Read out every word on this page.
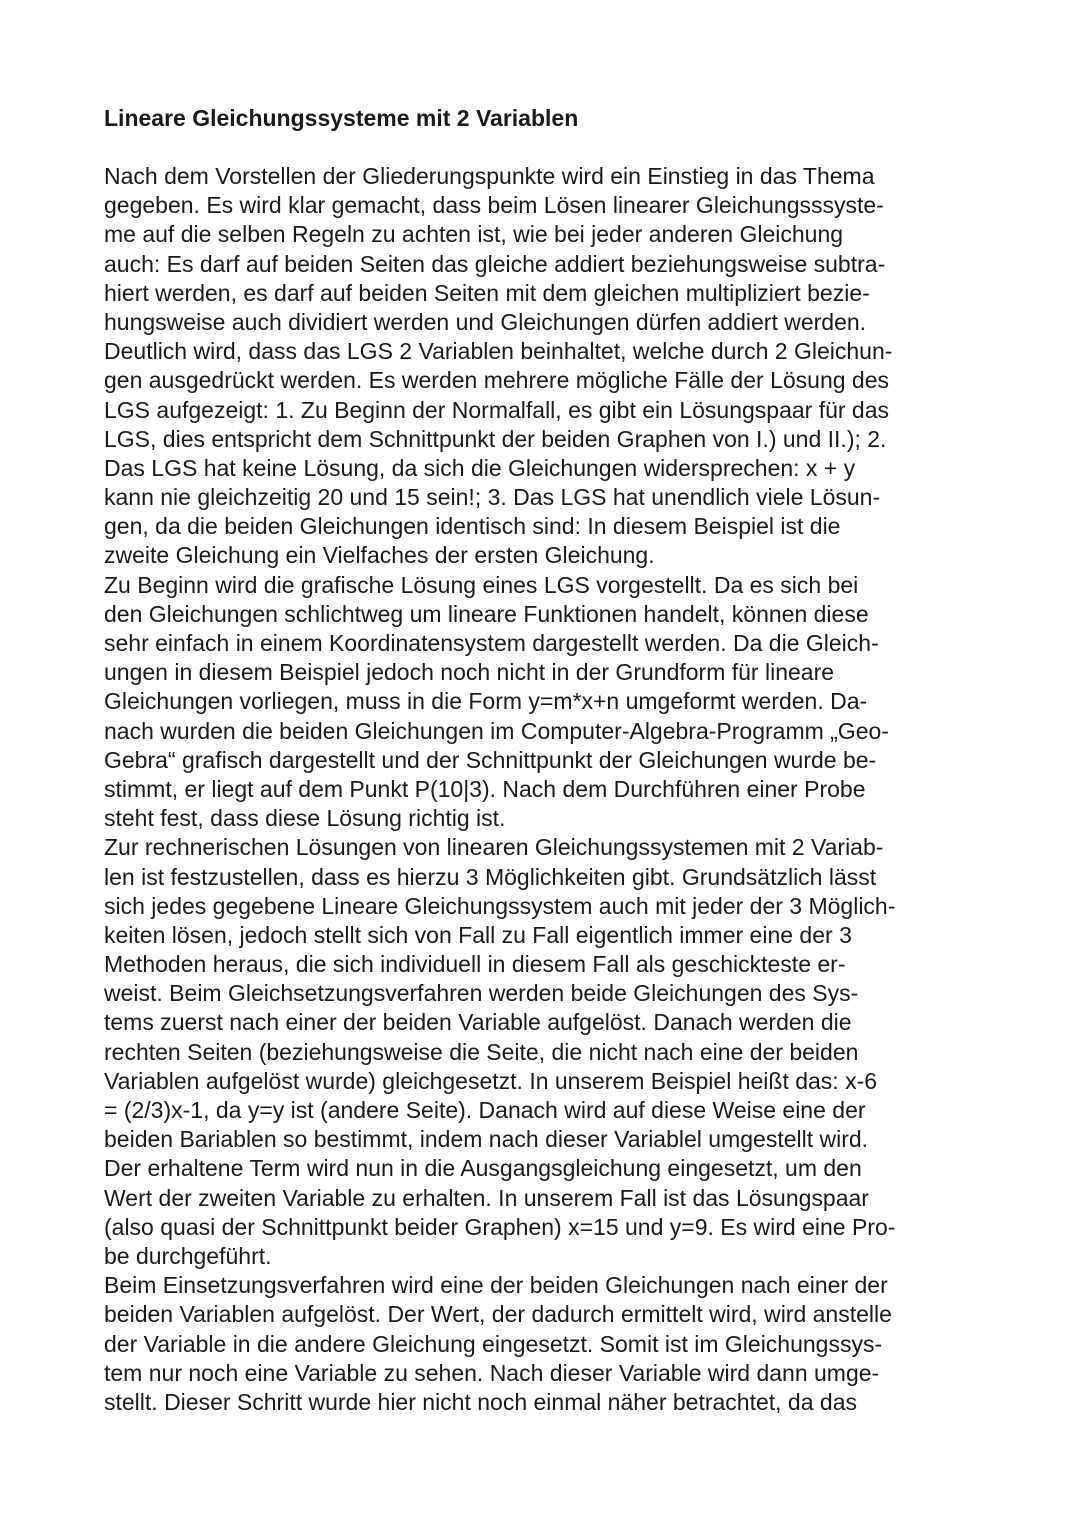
Lineare Gleichungssysteme mit 2 Variablen
Nach dem Vorstellen der Gliederungspunkte wird ein Einstieg in das Thema
gegeben. Es wird klar gemacht, dass beim Lösen linearer Gleichungsssyste-
me auf die selben Regeln zu achten ist, wie bei jeder anderen Gleichung
auch: Es darf auf beiden Seiten das gleiche addiert beziehungsweise subtra-
hiert werden, es darf auf beiden Seiten mit dem gleichen multipliziert bezie-
hungsweise auch dividiert werden und Gleichungen dürfen addiert werden.
Deutlich wird, dass das LGS 2 Variablen beinhaltet, welche durch 2 Gleichun-
gen ausgedrückt werden. Es werden mehrere mögliche Fälle der Lösung des
LGS aufgezeigt: 1. Zu Beginn der Normalfall, es gibt ein Lösungspaar für das
LGS, dies entspricht dem Schnittpunkt der beiden Graphen von I.) und II.); 2.
Das LGS hat keine Lösung, da sich die Gleichungen widersprechen: x + y
kann nie gleichzeitig 20 und 15 sein!; 3. Das LGS hat unendlich viele Lösun-
gen, da die beiden Gleichungen identisch sind: In diesem Beispiel ist die
zweite Gleichung ein Vielfaches der ersten Gleichung.
Zu Beginn wird die grafische Lösung eines LGS vorgestellt. Da es sich bei
den Gleichungen schlichtweg um lineare Funktionen handelt, können diese
sehr einfach in einem Koordinatensystem dargestellt werden. Da die Gleich-
ungen in diesem Beispiel jedoch noch nicht in der Grundform für lineare
Gleichungen vorliegen, muss in die Form y=m*x+n umgeformt werden. Da-
nach wurden die beiden Gleichungen im Computer-Algebra-Programm „Geo-
Gebra“ grafisch dargestellt und der Schnittpunkt der Gleichungen wurde be-
stimmt, er liegt auf dem Punkt P(10|3). Nach dem Durchführen einer Probe
steht fest, dass diese Lösung richtig ist.
Zur rechnerischen Lösungen von linearen Gleichungssystemen mit 2 Variab-
len ist festzustellen, dass es hierzu 3 Möglichkeiten gibt. Grundsätzlich lässt
sich jedes gegebene Lineare Gleichungssystem auch mit jeder der 3 Möglich-
keiten lösen, jedoch stellt sich von Fall zu Fall eigentlich immer eine der 3
Methoden heraus, die sich individuell in diesem Fall als geschickteste er-
weist. Beim Gleichsetzungsverfahren werden beide Gleichungen des Sys-
tems zuerst nach einer der beiden Variable aufgelöst. Danach werden die
rechten Seiten (beziehungsweise die Seite, die nicht nach eine der beiden
Variablen aufgelöst wurde) gleichgesetzt. In unserem Beispiel heißt das: x-6
= (2/3)x-1, da y=y ist (andere Seite). Danach wird auf diese Weise eine der
beiden Bariablen so bestimmt, indem nach dieser Variablel umgestellt wird.
Der erhaltene Term wird nun in die Ausgangsgleichung eingesetzt, um den
Wert der zweiten Variable zu erhalten. In unserem Fall ist das Lösungspaar
(also quasi der Schnittpunkt beider Graphen) x=15 und y=9. Es wird eine Pro-
be durchgeführt.
Beim Einsetzungsverfahren wird eine der beiden Gleichungen nach einer der
beiden Variablen aufgelöst. Der Wert, der dadurch ermittelt wird, wird anstelle
der Variable in die andere Gleichung eingesetzt. Somit ist im Gleichungssys-
tem nur noch eine Variable zu sehen. Nach dieser Variable wird dann umge-
stellt. Dieser Schritt wurde hier nicht noch einmal näher betrachtet, da das
